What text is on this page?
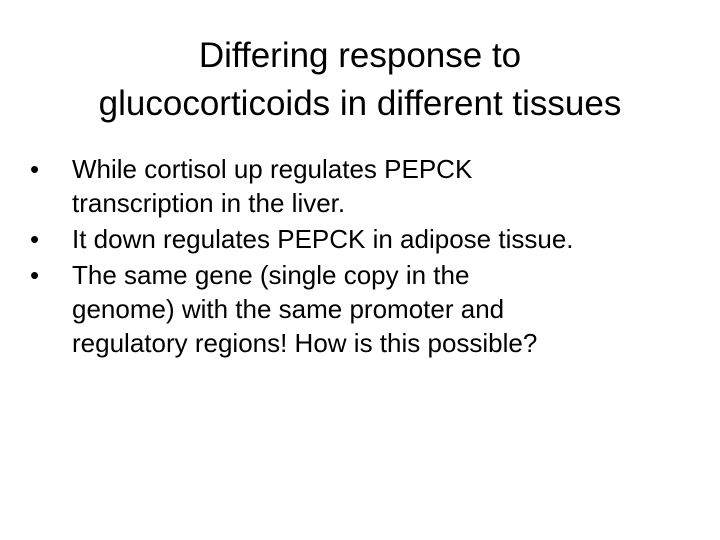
Differing response to
glucocorticoids in different tissues
•	While cortisol up regulates PEPCK
transcription in the liver.
•	It down regulates PEPCK in adipose tissue.
•	The same gene (single copy in the
genome) with the same promoter and
regulatory regions! How is this possible?
